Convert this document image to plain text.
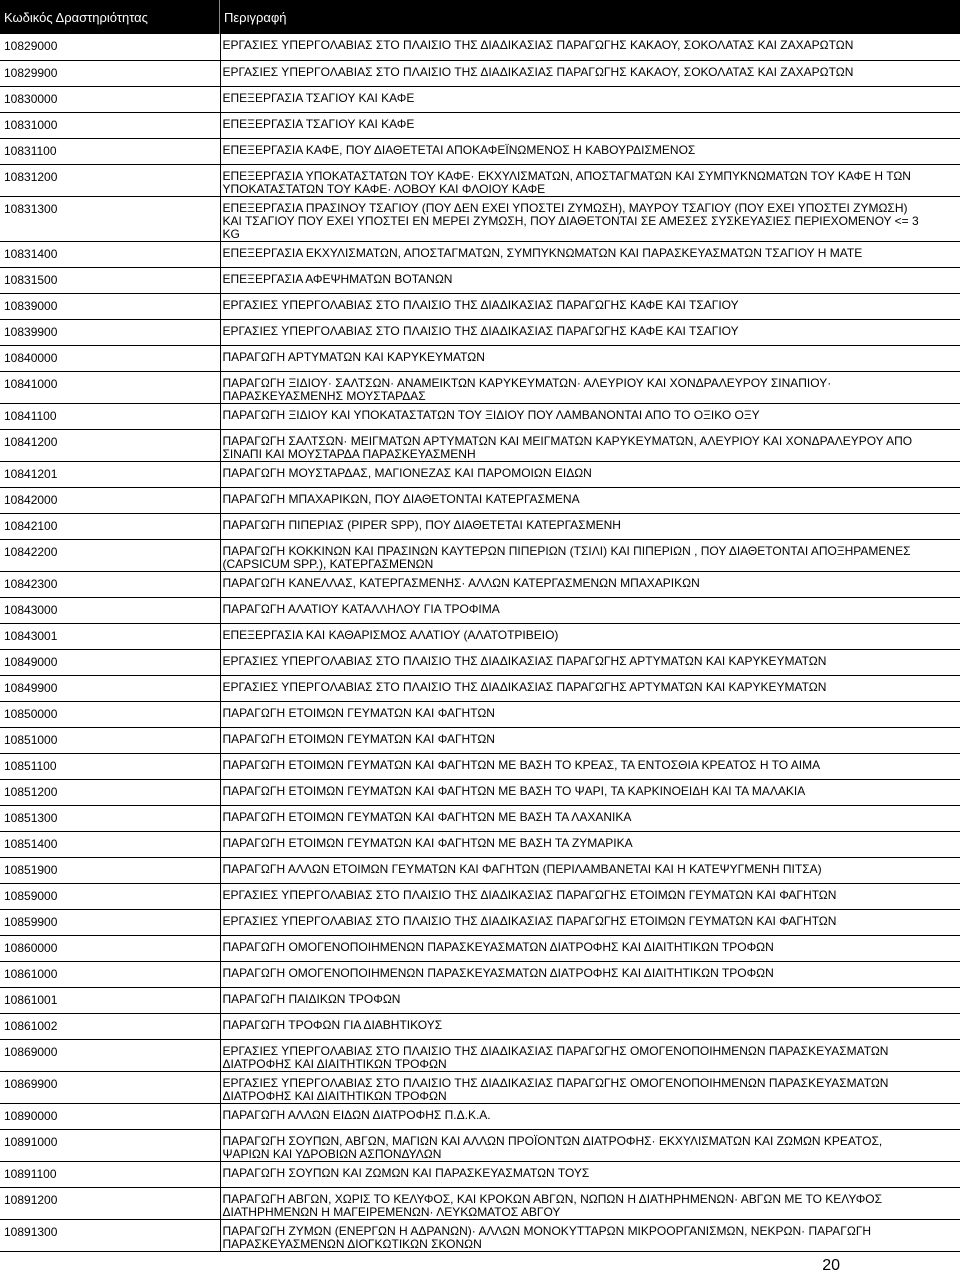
Κωδικός Δραστηριότητας	Περιγραφή
10829000	ΕΡΓΑΣΙΕΣ ΥΠΕΡΓΟΛΑΒΙΑΣ ΣΤΟ ΠΛΑΙΣΙΟ ΤΗΣ ΔΙΑΔΙΚΑΣΙΑΣ ΠΑΡΑΓΩΓΗΣ ΚΑΚΑΟΥ, ΣΟΚΟΛΑΤΑΣ ΚΑΙ ΖΑΧΑΡΩΤΩΝ
10829900	ΕΡΓΑΣΙΕΣ ΥΠΕΡΓΟΛΑΒΙΑΣ ΣΤΟ ΠΛΑΙΣΙΟ ΤΗΣ ΔΙΑΔΙΚΑΣΙΑΣ ΠΑΡΑΓΩΓΗΣ ΚΑΚΑΟΥ, ΣΟΚΟΛΑΤΑΣ ΚΑΙ ΖΑΧΑΡΩΤΩΝ
10830000	ΕΠΕΞΕΡΓΑΣΙΑ ΤΣΑΓΙΟΥ ΚΑΙ ΚΑΦΕ
10831000	ΕΠΕΞΕΡΓΑΣΙΑ ΤΣΑΓΙΟΥ ΚΑΙ ΚΑΦΕ
10831100	ΕΠΕΞΕΡΓΑΣΙΑ ΚΑΦΕ, ΠΟΥ ΔΙΑΘΕΤΕΤΑΙ ΑΠΟΚΑΦΕΪΝΩΜΕΝΟΣ Η ΚΑΒΟΥΡΔΙΣΜΕΝΟΣ
10831200	ΕΠΕΞΕΡΓΑΣΙΑ ΥΠΟΚΑΤΑΣΤΑΤΩΝ ΤΟΥ ΚΑΦΕ· ΕΚΧΥΛΙΣΜΑΤΩΝ, ΑΠΟΣΤΑΓΜΑΤΩΝ ΚΑΙ ΣΥΜΠΥΚΝΩΜΑΤΩΝ ΤΟΥ ΚΑΦΕ Η ΤΩΝ ΥΠΟΚΑΤΑΣΤΑΤΩΝ ΤΟΥ ΚΑΦΕ· ΛΟΒΟΥ ΚΑΙ ΦΛΟΙΟΥ ΚΑΦΕ
10831300	ΕΠΕΞΕΡΓΑΣΙΑ ΠΡΑΣΙΝΟΥ ΤΣΑΓΙΟΥ (ΠΟΥ ΔΕΝ ΕΧΕΙ ΥΠΟΣΤΕΙ ΖΥΜΩΣΗ), ΜΑΥΡΟΥ ΤΣΑΓΙΟΥ (ΠΟΥ ΕΧΕΙ ΥΠΟΣΤΕΙ ΖΥΜΩΣΗ) ΚΑΙ ΤΣΑΓΙΟΥ ΠΟΥ ΕΧΕΙ ΥΠΟΣΤΕΙ ΕΝ ΜΕΡΕΙ ΖΥΜΩΣΗ, ΠΟΥ ΔΙΑΘΕΤΟΝΤΑΙ ΣΕ ΑΜΕΣΕΣ ΣΥΣΚΕΥΑΣΙΕΣ ΠΕΡΙΕΧΟΜΕΝΟΥ <= 3 KG
10831400	ΕΠΕΞΕΡΓΑΣΙΑ ΕΚΧΥΛΙΣΜΑΤΩΝ, ΑΠΟΣΤΑΓΜΑΤΩΝ, ΣΥΜΠΥΚΝΩΜΑΤΩΝ ΚΑΙ ΠΑΡΑΣΚΕΥΑΣΜΑΤΩΝ ΤΣΑΓΙΟΥ Η ΜΑΤΕ
10831500	ΕΠΕΞΕΡΓΑΣΙΑ ΑΦΕΨΗΜΑΤΩΝ ΒΟΤΑΝΩΝ
10839000	ΕΡΓΑΣΙΕΣ ΥΠΕΡΓΟΛΑΒΙΑΣ ΣΤΟ ΠΛΑΙΣΙΟ ΤΗΣ ΔΙΑΔΙΚΑΣΙΑΣ ΠΑΡΑΓΩΓΗΣ ΚΑΦΕ ΚΑΙ ΤΣΑΓΙΟΥ
10839900	ΕΡΓΑΣΙΕΣ ΥΠΕΡΓΟΛΑΒΙΑΣ ΣΤΟ ΠΛΑΙΣΙΟ ΤΗΣ ΔΙΑΔΙΚΑΣΙΑΣ ΠΑΡΑΓΩΓΗΣ ΚΑΦΕ ΚΑΙ ΤΣΑΓΙΟΥ
10840000	ΠΑΡΑΓΩΓΗ ΑΡΤΥΜΑΤΩΝ ΚΑΙ ΚΑΡΥΚΕΥΜΑΤΩΝ
10841000	ΠΑΡΑΓΩΓΗ ΞΙΔΙΟΥ· ΣΑΛΤΣΩΝ· ΑΝΑΜΕΙΚΤΩΝ ΚΑΡΥΚΕΥΜΑΤΩΝ· ΑΛΕΥΡΙΟΥ ΚΑΙ ΧΟΝΔΡΑΛΕΥΡΟΥ ΣΙΝΑΠΙΟΥ· ΠΑΡΑΣΚΕΥΑΣΜΕΝΗΣ ΜΟΥΣΤΑΡΔΑΣ
10841100	ΠΑΡΑΓΩΓΗ ΞΙΔΙΟΥ ΚΑΙ ΥΠΟΚΑΤΑΣΤΑΤΩΝ ΤΟΥ ΞΙΔΙΟΥ ΠΟΥ ΛΑΜΒΑΝΟΝΤΑΙ ΑΠΟ ΤΟ ΟΞΙΚΟ ΟΞΥ
10841200	ΠΑΡΑΓΩΓΗ ΣΑΛΤΣΩΝ· ΜΕΙΓΜΑΤΩΝ ΑΡΤΥΜΑΤΩΝ ΚΑΙ ΜΕΙΓΜΑΤΩΝ ΚΑΡΥΚΕΥΜΑΤΩΝ, ΑΛΕΥΡΙΟΥ ΚΑΙ ΧΟΝΔΡΑΛΕΥΡΟΥ ΑΠΟ ΣΙΝΑΠΙ ΚΑΙ ΜΟΥΣΤΑΡΔΑ ΠΑΡΑΣΚΕΥΑΣΜΕΝΗ
10841201	ΠΑΡΑΓΩΓΗ ΜΟΥΣΤΑΡΔΑΣ, ΜΑΓΙΟΝΕΖΑΣ ΚΑΙ ΠΑΡΟΜΟΙΩΝ ΕΙΔΩΝ
10842000	ΠΑΡΑΓΩΓΗ ΜΠΑΧΑΡΙΚΩΝ, ΠΟΥ ΔΙΑΘΕΤΟΝΤΑΙ ΚΑΤΕΡΓΑΣΜΕΝΑ
10842100	ΠΑΡΑΓΩΓΗ ΠΙΠΕΡΙΑΣ (PIPER SPP), ΠΟΥ ΔΙΑΘΕΤΕΤΑΙ ΚΑΤΕΡΓΑΣΜΕΝΗ
10842200	ΠΑΡΑΓΩΓΗ ΚΟΚΚΙΝΩΝ ΚΑΙ ΠΡΑΣΙΝΩΝ ΚΑΥΤΕΡΩΝ ΠΙΠΕΡΙΩΝ (ΤΣΙΛΙ) ΚΑΙ ΠΙΠΕΡΙΩΝ , ΠΟΥ ΔΙΑΘΕΤΟΝΤΑΙ ΑΠΟΞΗΡΑΜΕΝΕΣ (CAPSICUM SPP.), ΚΑΤΕΡΓΑΣΜΕΝΩΝ
10842300	ΠΑΡΑΓΩΓΗ ΚΑΝΕΛΛΑΣ, ΚΑΤΕΡΓΑΣΜΕΝΗΣ· ΑΛΛΩΝ ΚΑΤΕΡΓΑΣΜΕΝΩΝ ΜΠΑΧΑΡΙΚΩΝ
10843000	ΠΑΡΑΓΩΓΗ ΑΛΑΤΙΟΥ ΚΑΤΑΛΛΗΛΟΥ ΓΙΑ ΤΡΟΦΙΜΑ
10843001	ΕΠΕΞΕΡΓΑΣΙΑ ΚΑΙ ΚΑΘΑΡΙΣΜΟΣ ΑΛΑΤΙΟΥ (ΑΛΑΤΟΤΡΙΒΕΙΟ)
10849000	ΕΡΓΑΣΙΕΣ ΥΠΕΡΓΟΛΑΒΙΑΣ ΣΤΟ ΠΛΑΙΣΙΟ ΤΗΣ ΔΙΑΔΙΚΑΣΙΑΣ ΠΑΡΑΓΩΓΗΣ ΑΡΤΥΜΑΤΩΝ ΚΑΙ ΚΑΡΥΚΕΥΜΑΤΩΝ
10849900	ΕΡΓΑΣΙΕΣ ΥΠΕΡΓΟΛΑΒΙΑΣ ΣΤΟ ΠΛΑΙΣΙΟ ΤΗΣ ΔΙΑΔΙΚΑΣΙΑΣ ΠΑΡΑΓΩΓΗΣ ΑΡΤΥΜΑΤΩΝ ΚΑΙ ΚΑΡΥΚΕΥΜΑΤΩΝ
10850000	ΠΑΡΑΓΩΓΗ ΕΤΟΙΜΩΝ ΓΕΥΜΑΤΩΝ ΚΑΙ ΦΑΓΗΤΩΝ
10851000	ΠΑΡΑΓΩΓΗ ΕΤΟΙΜΩΝ ΓΕΥΜΑΤΩΝ ΚΑΙ ΦΑΓΗΤΩΝ
10851100	ΠΑΡΑΓΩΓΗ ΕΤΟΙΜΩΝ ΓΕΥΜΑΤΩΝ ΚΑΙ ΦΑΓΗΤΩΝ ΜΕ ΒΑΣΗ ΤΟ ΚΡΕΑΣ, ΤΑ ΕΝΤΟΣΘΙΑ ΚΡΕΑΤΟΣ Η ΤΟ ΑΙΜΑ
10851200	ΠΑΡΑΓΩΓΗ ΕΤΟΙΜΩΝ ΓΕΥΜΑΤΩΝ ΚΑΙ ΦΑΓΗΤΩΝ ΜΕ ΒΑΣΗ ΤΟ ΨΑΡΙ, ΤΑ ΚΑΡΚΙΝΟΕΙΔΗ ΚΑΙ ΤΑ ΜΑΛΑΚΙΑ
10851300	ΠΑΡΑΓΩΓΗ ΕΤΟΙΜΩΝ ΓΕΥΜΑΤΩΝ ΚΑΙ ΦΑΓΗΤΩΝ ΜΕ ΒΑΣΗ ΤΑ ΛΑΧΑΝΙΚΑ
10851400	ΠΑΡΑΓΩΓΗ ΕΤΟΙΜΩΝ ΓΕΥΜΑΤΩΝ ΚΑΙ ΦΑΓΗΤΩΝ ΜΕ ΒΑΣΗ ΤΑ ΖΥΜΑΡΙΚΑ
10851900	ΠΑΡΑΓΩΓΗ ΑΛΛΩΝ ΕΤΟΙΜΩΝ ΓΕΥΜΑΤΩΝ ΚΑΙ ΦΑΓΗΤΩΝ (ΠΕΡΙΛΑΜΒΑΝΕΤΑΙ ΚΑΙ Η ΚΑΤΕΨΥΓΜΕΝΗ ΠΙΤΣΑ)
10859000	ΕΡΓΑΣΙΕΣ ΥΠΕΡΓΟΛΑΒΙΑΣ ΣΤΟ ΠΛΑΙΣΙΟ ΤΗΣ ΔΙΑΔΙΚΑΣΙΑΣ ΠΑΡΑΓΩΓΗΣ ΕΤΟΙΜΩΝ ΓΕΥΜΑΤΩΝ ΚΑΙ ΦΑΓΗΤΩΝ
10859900	ΕΡΓΑΣΙΕΣ ΥΠΕΡΓΟΛΑΒΙΑΣ ΣΤΟ ΠΛΑΙΣΙΟ ΤΗΣ ΔΙΑΔΙΚΑΣΙΑΣ ΠΑΡΑΓΩΓΗΣ ΕΤΟΙΜΩΝ ΓΕΥΜΑΤΩΝ ΚΑΙ ΦΑΓΗΤΩΝ
10860000	ΠΑΡΑΓΩΓΗ ΟΜΟΓΕΝΟΠΟΙΗΜΕΝΩΝ ΠΑΡΑΣΚΕΥΑΣΜΑΤΩΝ ΔΙΑΤΡΟΦΗΣ ΚΑΙ ΔΙΑΙΤΗΤΙΚΩΝ ΤΡΟΦΩΝ
10861000	ΠΑΡΑΓΩΓΗ ΟΜΟΓΕΝΟΠΟΙΗΜΕΝΩΝ ΠΑΡΑΣΚΕΥΑΣΜΑΤΩΝ ΔΙΑΤΡΟΦΗΣ ΚΑΙ ΔΙΑΙΤΗΤΙΚΩΝ ΤΡΟΦΩΝ
10861001	ΠΑΡΑΓΩΓΗ ΠΑΙΔΙΚΩΝ ΤΡΟΦΩΝ
10861002	ΠΑΡΑΓΩΓΗ ΤΡΟΦΩΝ ΓΙΑ ΔΙΑΒΗΤΙΚΟΥΣ
10869000	ΕΡΓΑΣΙΕΣ ΥΠΕΡΓΟΛΑΒΙΑΣ ΣΤΟ ΠΛΑΙΣΙΟ ΤΗΣ ΔΙΑΔΙΚΑΣΙΑΣ ΠΑΡΑΓΩΓΗΣ ΟΜΟΓΕΝΟΠΟΙΗΜΕΝΩΝ ΠΑΡΑΣΚΕΥΑΣΜΑΤΩΝ ΔΙΑΤΡΟΦΗΣ ΚΑΙ ΔΙΑΙΤΗΤΙΚΩΝ ΤΡΟΦΩΝ
10869900	ΕΡΓΑΣΙΕΣ ΥΠΕΡΓΟΛΑΒΙΑΣ ΣΤΟ ΠΛΑΙΣΙΟ ΤΗΣ ΔΙΑΔΙΚΑΣΙΑΣ ΠΑΡΑΓΩΓΗΣ ΟΜΟΓΕΝΟΠΟΙΗΜΕΝΩΝ ΠΑΡΑΣΚΕΥΑΣΜΑΤΩΝ ΔΙΑΤΡΟΦΗΣ ΚΑΙ ΔΙΑΙΤΗΤΙΚΩΝ ΤΡΟΦΩΝ
10890000	ΠΑΡΑΓΩΓΗ ΑΛΛΩΝ ΕΙΔΩΝ ΔΙΑΤΡΟΦΗΣ Π.Δ.Κ.Α.
10891000	ΠΑΡΑΓΩΓΗ ΣΟΥΠΩΝ, ΑΒΓΩΝ, ΜΑΓΙΩΝ ΚΑΙ ΑΛΛΩΝ ΠΡΟΪΟΝΤΩΝ ΔΙΑΤΡΟΦΗΣ· ΕΚΧΥΛΙΣΜΑΤΩΝ ΚΑΙ ΖΩΜΩΝ ΚΡΕΑΤΟΣ, ΨΑΡΙΩΝ ΚΑΙ ΥΔΡΟΒΙΩΝ ΑΣΠΟΝΔΥΛΩΝ
10891100	ΠΑΡΑΓΩΓΗ ΣΟΥΠΩΝ ΚΑΙ ΖΩΜΩΝ ΚΑΙ ΠΑΡΑΣΚΕΥΑΣΜΑΤΩΝ ΤΟΥΣ
10891200	ΠΑΡΑΓΩΓΗ ΑΒΓΩΝ, ΧΩΡΙΣ ΤΟ ΚΕΛΥΦΟΣ, ΚΑΙ ΚΡΟΚΩΝ ΑΒΓΩΝ, ΝΩΠΩΝ Η ΔΙΑΤΗΡΗΜΕΝΩΝ· ΑΒΓΩΝ ΜΕ ΤΟ ΚΕΛΥΦΟΣ ΔΙΑΤΗΡΗΜΕΝΩΝ Η ΜΑΓΕΙΡΕΜΕΝΩΝ· ΛΕΥΚΩΜΑΤΟΣ ΑΒΓΟΥ
10891300	ΠΑΡΑΓΩΓΗ ΖΥΜΩΝ (ΕΝΕΡΓΩΝ Η ΑΔΡΑΝΩΝ)· ΑΛΛΩΝ ΜΟΝΟΚΥΤΤΑΡΩΝ ΜΙΚΡΟΟΡΓΑΝΙΣΜΩΝ, ΝΕΚΡΩΝ· ΠΑΡΑΓΩΓΗ ΠΑΡΑΣΚΕΥΑΣΜΕΝΩΝ ΔΙΟΓΚΩΤΙΚΩΝ ΣΚΟΝΩΝ
20
